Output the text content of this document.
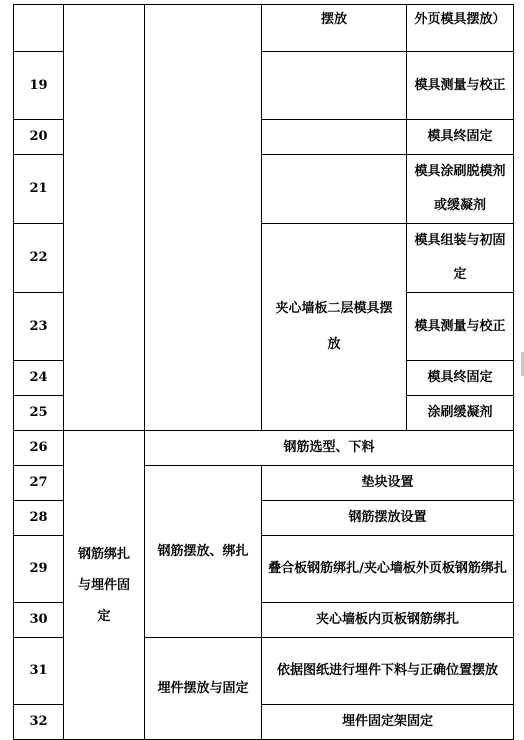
			摆放	外页模具摆放）
19				模具测量与校正
20				模具终固定
21				模具涂刷脱模剂或缓凝剂
22			夹心墙板二层模具摆放	模具组装与初固定
23				模具测量与校正
24				模具终固定
25				涂刷缓凝剂
26	钢筋绑扎与埋件固定	钢筋选型、下料		
27		钢筋摆放、绑扎	垫块设置	
28			钢筋摆放设置	
29			叠合板钢筋绑扎/夹心墙板外页板钢筋绑扎	
30			夹心墙板内页板钢筋绑扎	
31		埋件摆放与固定	依据图纸进行埋件下料与正确位置摆放	
32			埋件固定架固定	
